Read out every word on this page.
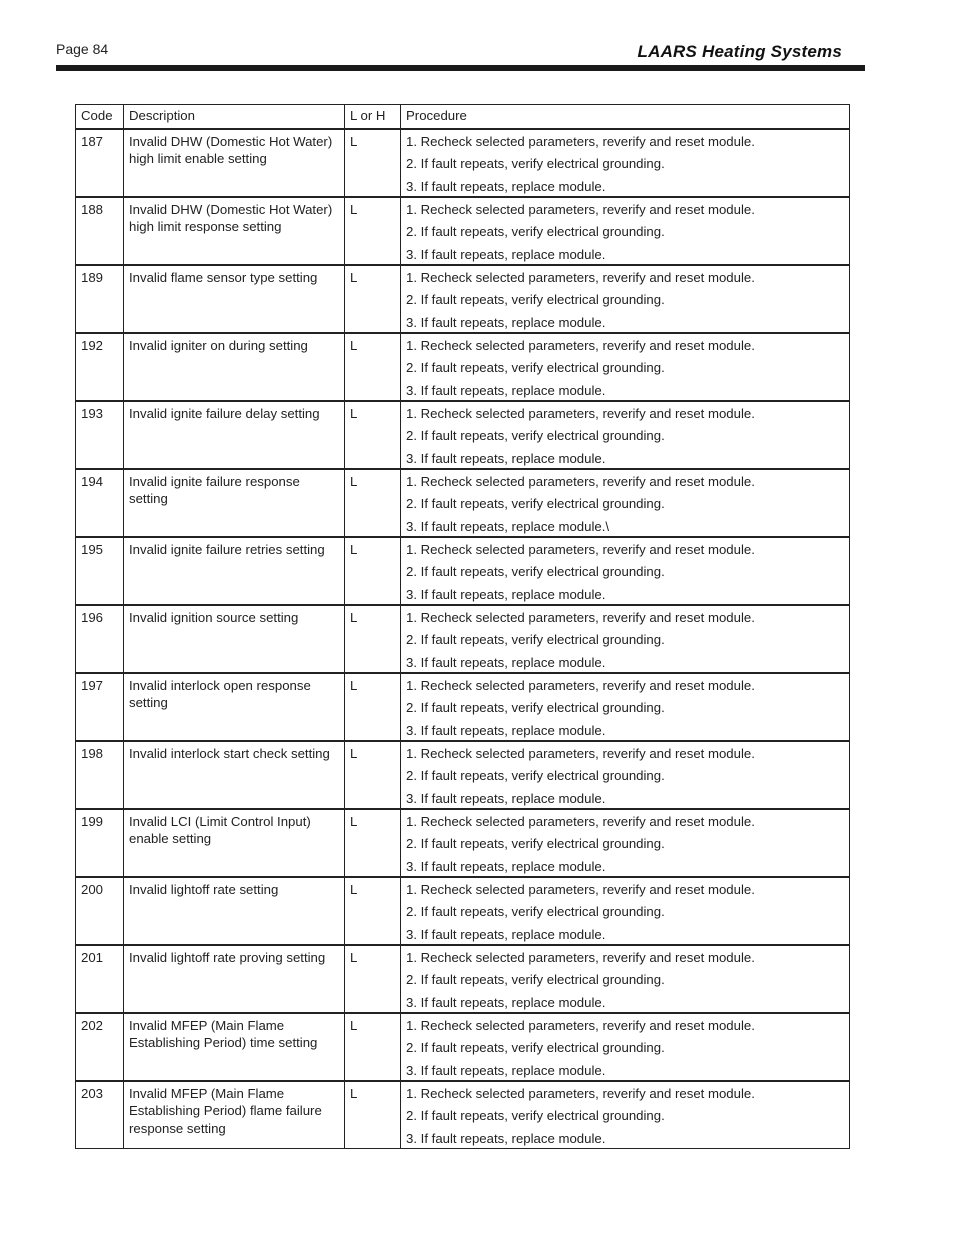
Page 84	LAARS Heating Systems
Code	Description	L or H	Procedure
187	Invalid DHW (Domestic Hot Water) high limit enable setting	L	1. Recheck selected parameters, reverify and reset module.
2. If fault repeats, verify electrical grounding.
3. If fault repeats, replace module.

188	Invalid DHW (Domestic Hot Water) high limit response setting	L	1. Recheck selected parameters, reverify and reset module.
2. If fault repeats, verify electrical grounding.
3. If fault repeats, replace module.

189	Invalid flame sensor type setting	L	1. Recheck selected parameters, reverify and reset module.
2. If fault repeats, verify electrical grounding.
3. If fault repeats, replace module.

192	Invalid igniter on during setting	L	1. Recheck selected parameters, reverify and reset module.
2. If fault repeats, verify electrical grounding.
3. If fault repeats, replace module.

193	Invalid ignite failure delay setting	L	1. Recheck selected parameters, reverify and reset module.
2. If fault repeats, verify electrical grounding.
3. If fault repeats, replace module.

194	Invalid ignite failure response setting	L	1. Recheck selected parameters, reverify and reset module.
2. If fault repeats, verify electrical grounding.
3. If fault repeats, replace module.\

195	Invalid ignite failure retries setting	L	1. Recheck selected parameters, reverify and reset module.
2. If fault repeats, verify electrical grounding.
3. If fault repeats, replace module.

196	Invalid ignition source setting	L	1. Recheck selected parameters, reverify and reset module.
2. If fault repeats, verify electrical grounding.
3. If fault repeats, replace module.

197	Invalid interlock open response setting	L	1. Recheck selected parameters, reverify and reset module.
2. If fault repeats, verify electrical grounding.
3. If fault repeats, replace module.

198	Invalid interlock start check setting	L	1. Recheck selected parameters, reverify and reset module.
2. If fault repeats, verify electrical grounding.
3. If fault repeats, replace module.

199	Invalid LCI (Limit Control Input) enable setting	L	1. Recheck selected parameters, reverify and reset module.
2. If fault repeats, verify electrical grounding.
3. If fault repeats, replace module.

200	Invalid lightoff rate setting	L	1. Recheck selected parameters, reverify and reset module.
2. If fault repeats, verify electrical grounding.
3. If fault repeats, replace module.

201	Invalid lightoff rate proving setting	L	1. Recheck selected parameters, reverify and reset module.
2. If fault repeats, verify electrical grounding.
3. If fault repeats, replace module.

202	Invalid MFEP (Main Flame Establishing Period) time setting	L	1. Recheck selected parameters, reverify and reset module.
2. If fault repeats, verify electrical grounding.
3. If fault repeats, replace module.

203	Invalid MFEP (Main Flame Establishing Period) flame failure response setting	L	1. Recheck selected parameters, reverify and reset module.
2. If fault repeats, verify electrical grounding.
3. If fault repeats, replace module.
